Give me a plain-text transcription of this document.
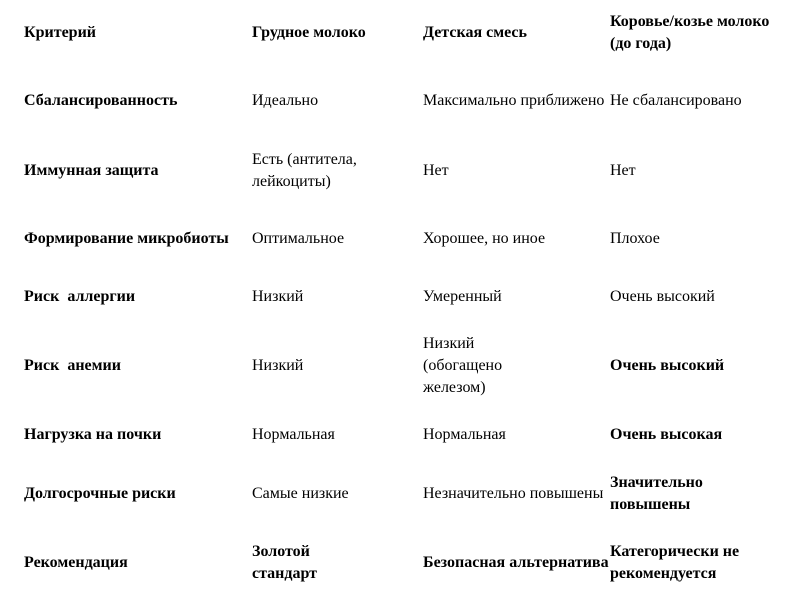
Критерий	Грудное молоко	Детская смесь	Коровье/козье молоко (до года)
Сбалансированность	Идеально	Максимально приближено	Не сбалансировано
Иммунная защита	Есть (антитела, лейкоциты)	Нет	Нет
Формирование микробиоты	Оптимальное	Хорошее, но иное	Плохое
Риск  аллергии	Низкий	Умеренный	Очень высокий
Риск  анемии	Низкий	Низкий (обогащено железом)	Очень высокий
Нагрузка на почки	Нормальная	Нормальная	Очень высокая
Долгосрочные риски	Самые низкие	Незначительно повышены	Значительно повышены
Рекомендация	Золотой стандарт	Безопасная альтернатива	Категорически не рекомендуется
